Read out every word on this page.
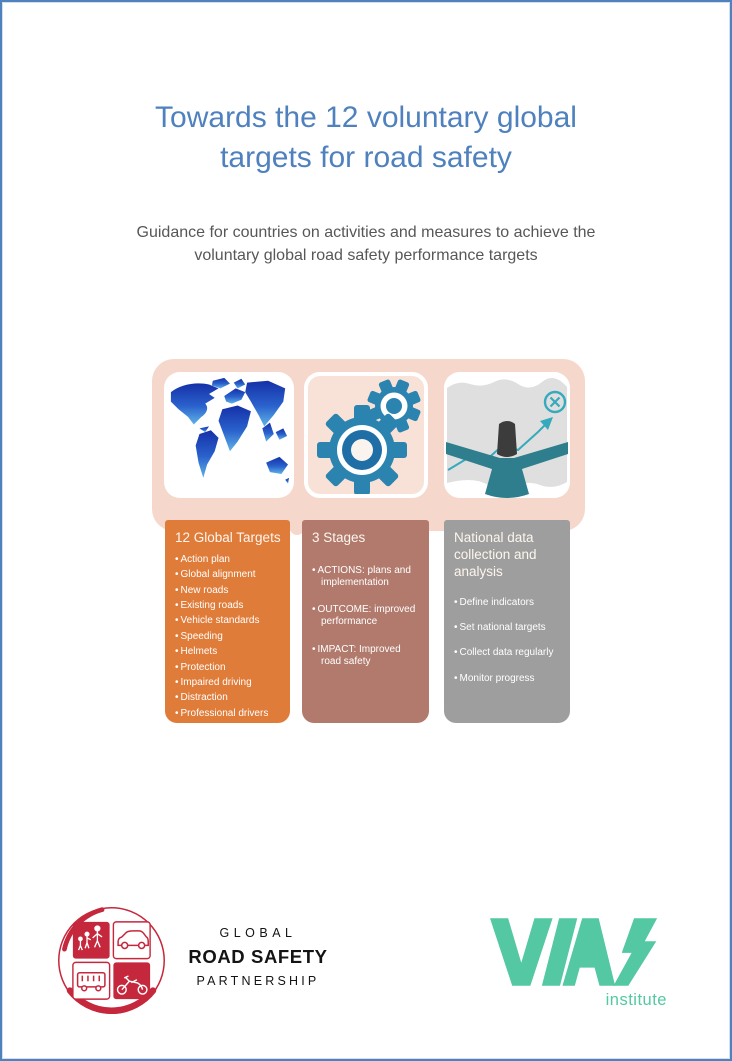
Towards the 12 voluntary global
targets for road safety

Guidance for countries on activities and measures to achieve the
voluntary global road safety performance targets

12 Global Targets
• Action plan
• Global alignment
• New roads
• Existing roads
• Vehicle standards
• Speeding
• Helmets
• Protection
• Impaired driving
• Distraction
• Professional drivers
• Emergency care
3 Stages
• ACTIONS: plans and implementation
• OUTCOME: improved performance
• IMPACT: Improved road safety
National data collection and analysis
• Define indicators
• Set national targets
• Collect data regularly
• Monitor progress

GLOBAL

ROAD SAFETY

PARTNERSHIP

institute
